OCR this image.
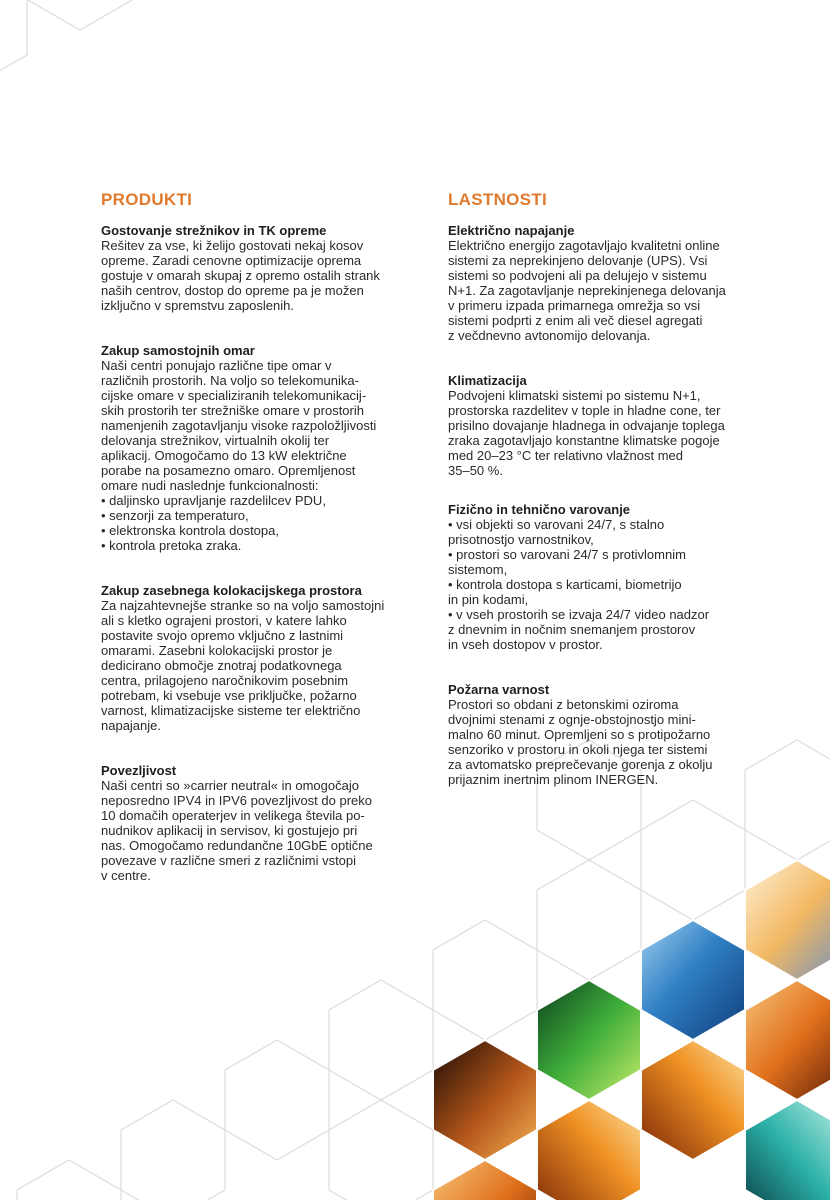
PRODUKTI

Gostovanje strežnikov in TK opreme

Rešitev za vse, ki želijo gostovati nekaj kosov
opreme. Zaradi cenovne optimizacije oprema
gostuje v omarah skupaj z opremo ostalih strank
naših centrov, dostop do opreme pa je možen
izključno v spremstvu zaposlenih.

Zakup samostojnih omar

Naši centri ponujajo različne tipe omar v
različnih prostorih. Na voljo so telekomunika-
cijske omare v specializiranih telekomunikacij-
skih prostorih ter strežniške omare v prostorih
namenjenih zagotavljanju visoke razpoložljivosti
delovanja strežnikov, virtualnih okolij ter
aplikacij. Omogočamo do 13 kW električne
porabe na posamezno omaro. Opremljenost
omare nudi naslednje funkcionalnosti:
• daljinsko upravljanje razdelilcev PDU,
• senzorji za temperaturo,
• elektronska kontrola dostopa,
• kontrola pretoka zraka.

Zakup zasebnega kolokacijskega prostora

Za najzahtevnejše stranke so na voljo samostojni
ali s kletko ograjeni prostori, v katere lahko
postavite svojo opremo vključno z lastnimi
omarami. Zasebni kolokacijski prostor je
dedicirano območje znotraj podatkovnega
centra, prilagojeno naročnikovim posebnim
potrebam, ki vsebuje vse priključke, požarno
varnost, klimatizacijske sisteme ter električno
napajanje.

Povezljivost

Naši centri so »carrier neutral« in omogočajo
neposredno IPV4 in IPV6 povezljivost do preko
10 domačih operaterjev in velikega števila po-
nudnikov aplikacij in servisov, ki gostujejo pri
nas. Omogočamo redundančne 10GbE optične
povezave v različne smeri z različnimi vstopi
v centre.

LASTNOSTI

Električno napajanje

Električno energijo zagotavljajo kvalitetni online
sistemi za neprekinjeno delovanje (UPS). Vsi
sistemi so podvojeni ali pa delujejo v sistemu
N+1. Za zagotavljanje neprekinjenega delovanja
v primeru izpada primarnega omrežja so vsi
sistemi podprti z enim ali več diesel agregati
z večdnevno avtonomijo delovanja.

Klimatizacija

Podvojeni klimatski sistemi po sistemu N+1,
prostorska razdelitev v tople in hladne cone, ter
prisilno dovajanje hladnega in odvajanje toplega
zraka zagotavljajo konstantne klimatske pogoje
med 20–23 °C ter relativno vlažnost med
35–50 %.

Fizično in tehnično varovanje

• vsi objekti so varovani 24/7, s stalno
prisotnostjo varnostnikov,
• prostori so varovani 24/7 s protivlomnim
sistemom,
• kontrola dostopa s karticami, biometrijo
in pin kodami,
• v vseh prostorih se izvaja 24/7 video nadzor
z dnevnim in nočnim snemanjem prostorov
in vseh dostopov v prostor.

Požarna varnost

Prostori so obdani z betonskimi oziroma
dvojnimi stenami z ognje-obstojnostjo mini-
malno 60 minut. Opremljeni so s protipožarno
senzoriko v prostoru in okoli njega ter sistemi
za avtomatsko preprečevanje gorenja z okolju
prijaznim inertnim plinom INERGEN.
